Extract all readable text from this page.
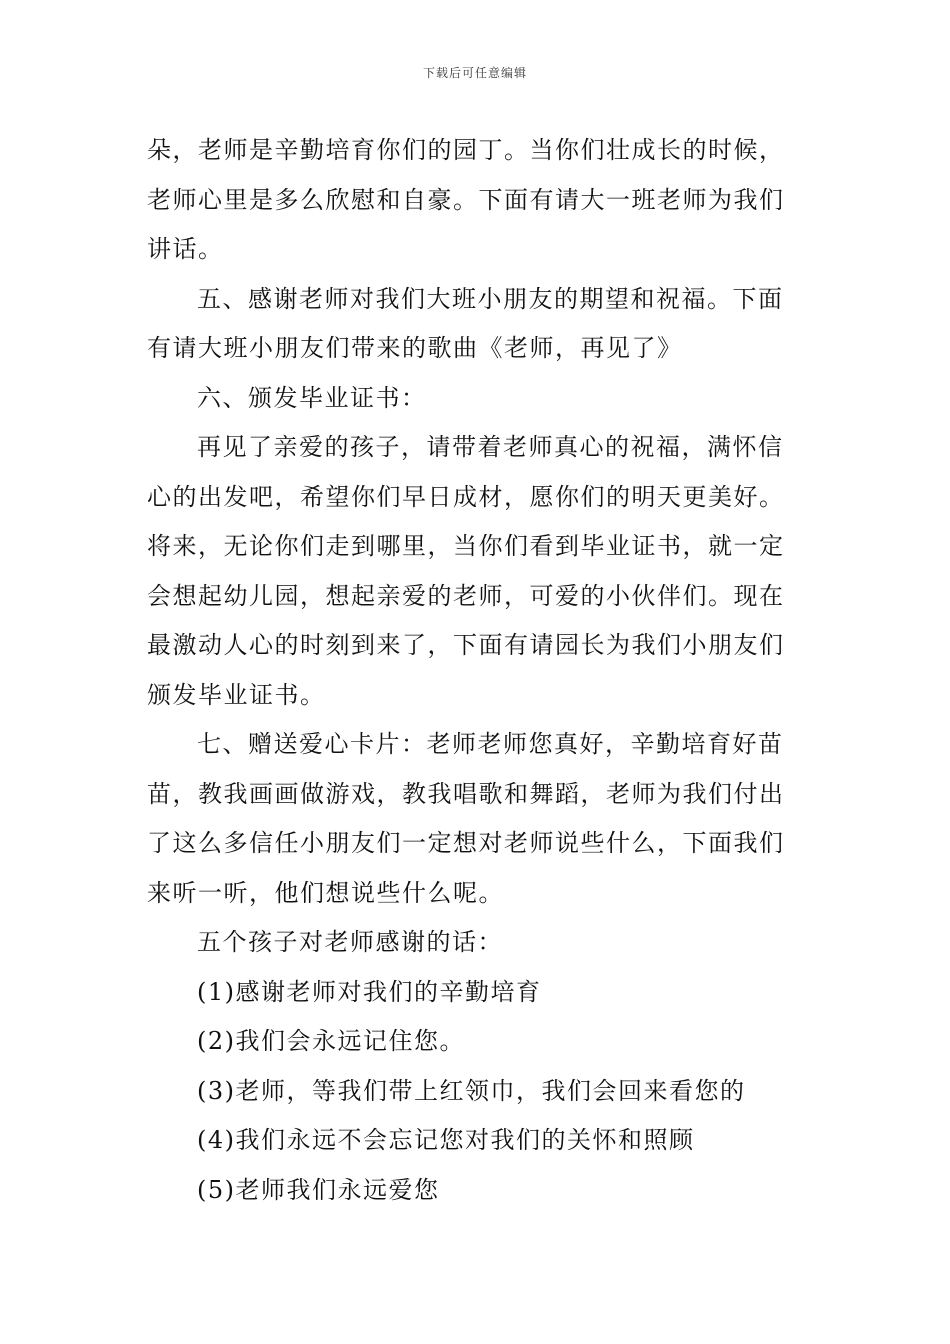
下载后可任意编辑
朵，老师是辛勤培育你们的园丁。当你们壮成长的时候，
老师心里是多么欣慰和自豪。下面有请大一班老师为我们
讲话。
五、感谢老师对我们大班小朋友的期望和祝福。下面
有请大班小朋友们带来的歌曲《老师，再见了》
六、颁发毕业证书：
再见了亲爱的孩子，请带着老师真心的祝福，满怀信
心的出发吧，希望你们早日成材，愿你们的明天更美好。
将来，无论你们走到哪里，当你们看到毕业证书，就一定
会想起幼儿园，想起亲爱的老师，可爱的小伙伴们。现在
最激动人心的时刻到来了，下面有请园长为我们小朋友们
颁发毕业证书。
七、赠送爱心卡片：老师老师您真好，辛勤培育好苗
苗，教我画画做游戏，教我唱歌和舞蹈，老师为我们付出
了这么多信任小朋友们一定想对老师说些什么，下面我们
来听一听，他们想说些什么呢。
五个孩子对老师感谢的话：
(1)感谢老师对我们的辛勤培育
(2)我们会永远记住您。
(3)老师，等我们带上红领巾，我们会回来看您的
(4)我们永远不会忘记您对我们的关怀和照顾
(5)老师我们永远爱您
